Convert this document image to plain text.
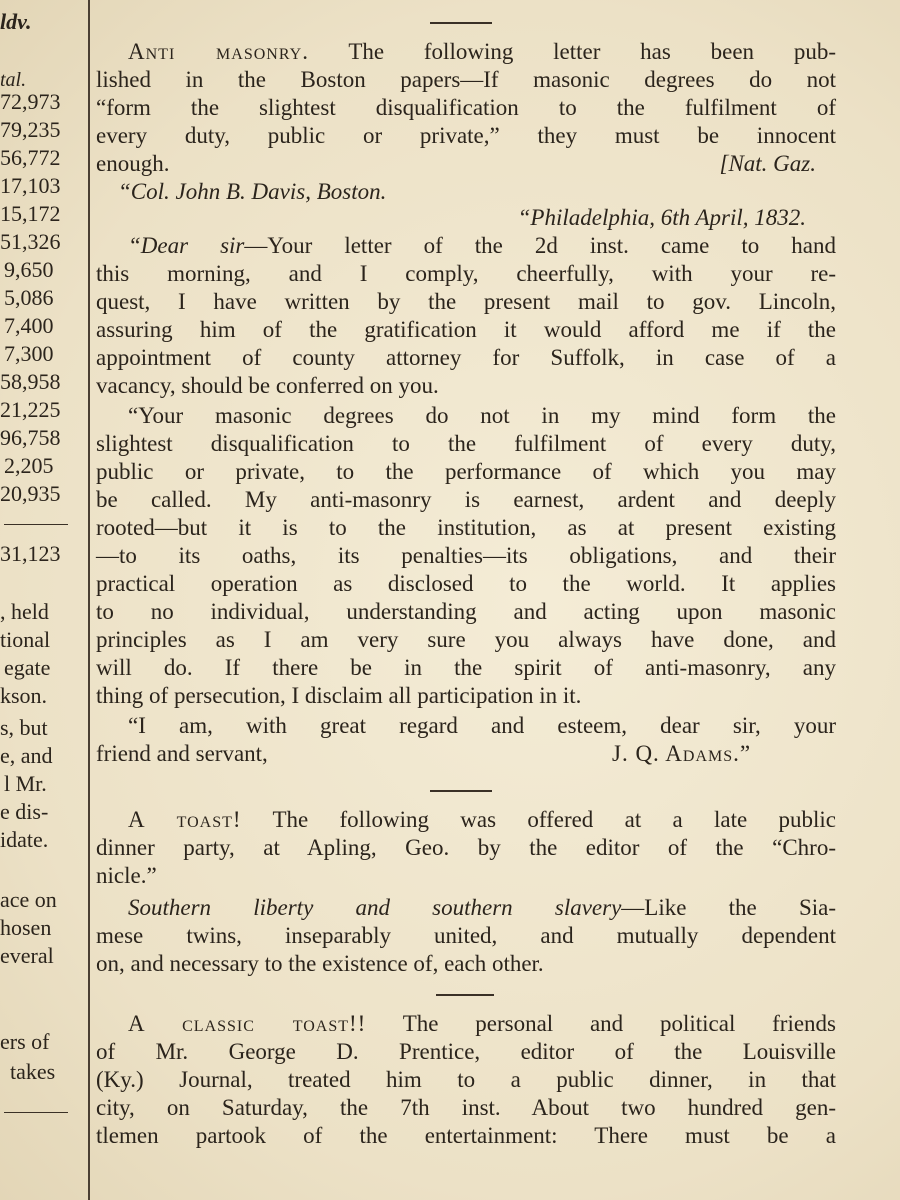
ldv.
tal.
72,973
79,235
56,772
17,103
15,172
51,326
9,650
5,086
7,400
7,300
58,958
21,225
96,758
2,205
20,935
31,123
, held
tional
egate
kson.
s, but
e, and
l Mr.
e dis-
idate.
ace on
hosen
everal
ers of
takes
Anti masonry. The following letter has been pub-
lished in the Boston papers—If masonic degrees do not
“form the slightest disqualification to the fulfilment of
every duty, public or private,” they must be innocent
enough.	[Nat. Gaz.
“Col. John B. Davis, Boston.
“Philadelphia, 6th April, 1832.
“Dear sir—Your letter of the 2d inst. came to hand
this morning, and I comply, cheerfully, with your re-
quest, I have written by the present mail to gov. Lincoln,
assuring him of the gratification it would afford me if the
appointment of county attorney for Suffolk, in case of a
vacancy, should be conferred on you.
“Your masonic degrees do not in my mind form the
slightest disqualification to the fulfilment of every duty,
public or private, to the performance of which you may
be called. My anti-masonry is earnest, ardent and deeply
rooted—but it is to the institution, as at present existing
—to its oaths, its penalties—its obligations, and their
practical operation as disclosed to the world. It applies
to no individual, understanding and acting upon masonic
principles as I am very sure you always have done, and
will do. If there be in the spirit of anti-masonry, any
thing of persecution, I disclaim all participation in it.
“I am, with great regard and esteem, dear sir, your
friend and servant,	J. Q. Adams.”
A toast! The following was offered at a late public
dinner party, at Apling, Geo. by the editor of the “Chro-
nicle.”
Southern liberty and southern slavery—Like the Sia-
mese twins, inseparably united, and mutually dependent
on, and necessary to the existence of, each other.
A classic toast!! The personal and political friends
of Mr. George D. Prentice, editor of the Louisville
(Ky.) Journal, treated him to a public dinner, in that
city, on Saturday, the 7th inst. About two hundred gen-
tlemen partook of the entertainment: There must be a
